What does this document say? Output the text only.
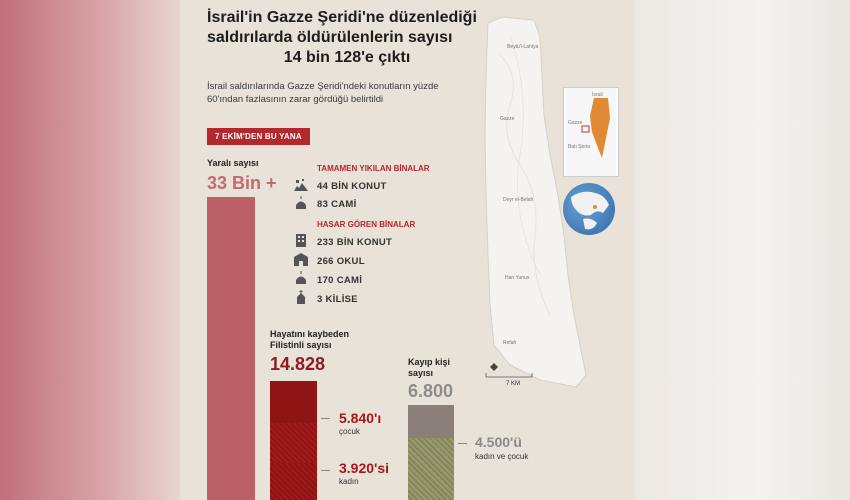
İsrail'in Gazze Şeridi'ne düzenlediği
saldırılarda öldürülenlerin sayısı
14 bin 128'e çıktı
İsrail saldırılarında Gazze Şeridi'ndeki konutların yüzde
60'ından fazlasının zarar gördüğü belirtildi
7 EKİM'DEN BU YANA
Yaralı sayısı
33 Bin +
TAMAMEN YIKILAN BİNALAR
44 BİN KONUT
83 CAMİ
HASAR GÖREN BİNALAR
233 BİN KONUT
266 OKUL
170 CAMİ
3 KİLİSE
Hayatını kaybeden
Filistinli sayısı
14.828
5.840'ı
çocuk
3.920'si
kadın
Kayıp kişi
sayısı
6.800
4.500'ü
kadın ve çocuk
Beytü'l-Lahiya
Gazze
Deyr el-Belah
Han Yunus
Refah
7 KM
İsrail
Gazze
Batı Şeria
